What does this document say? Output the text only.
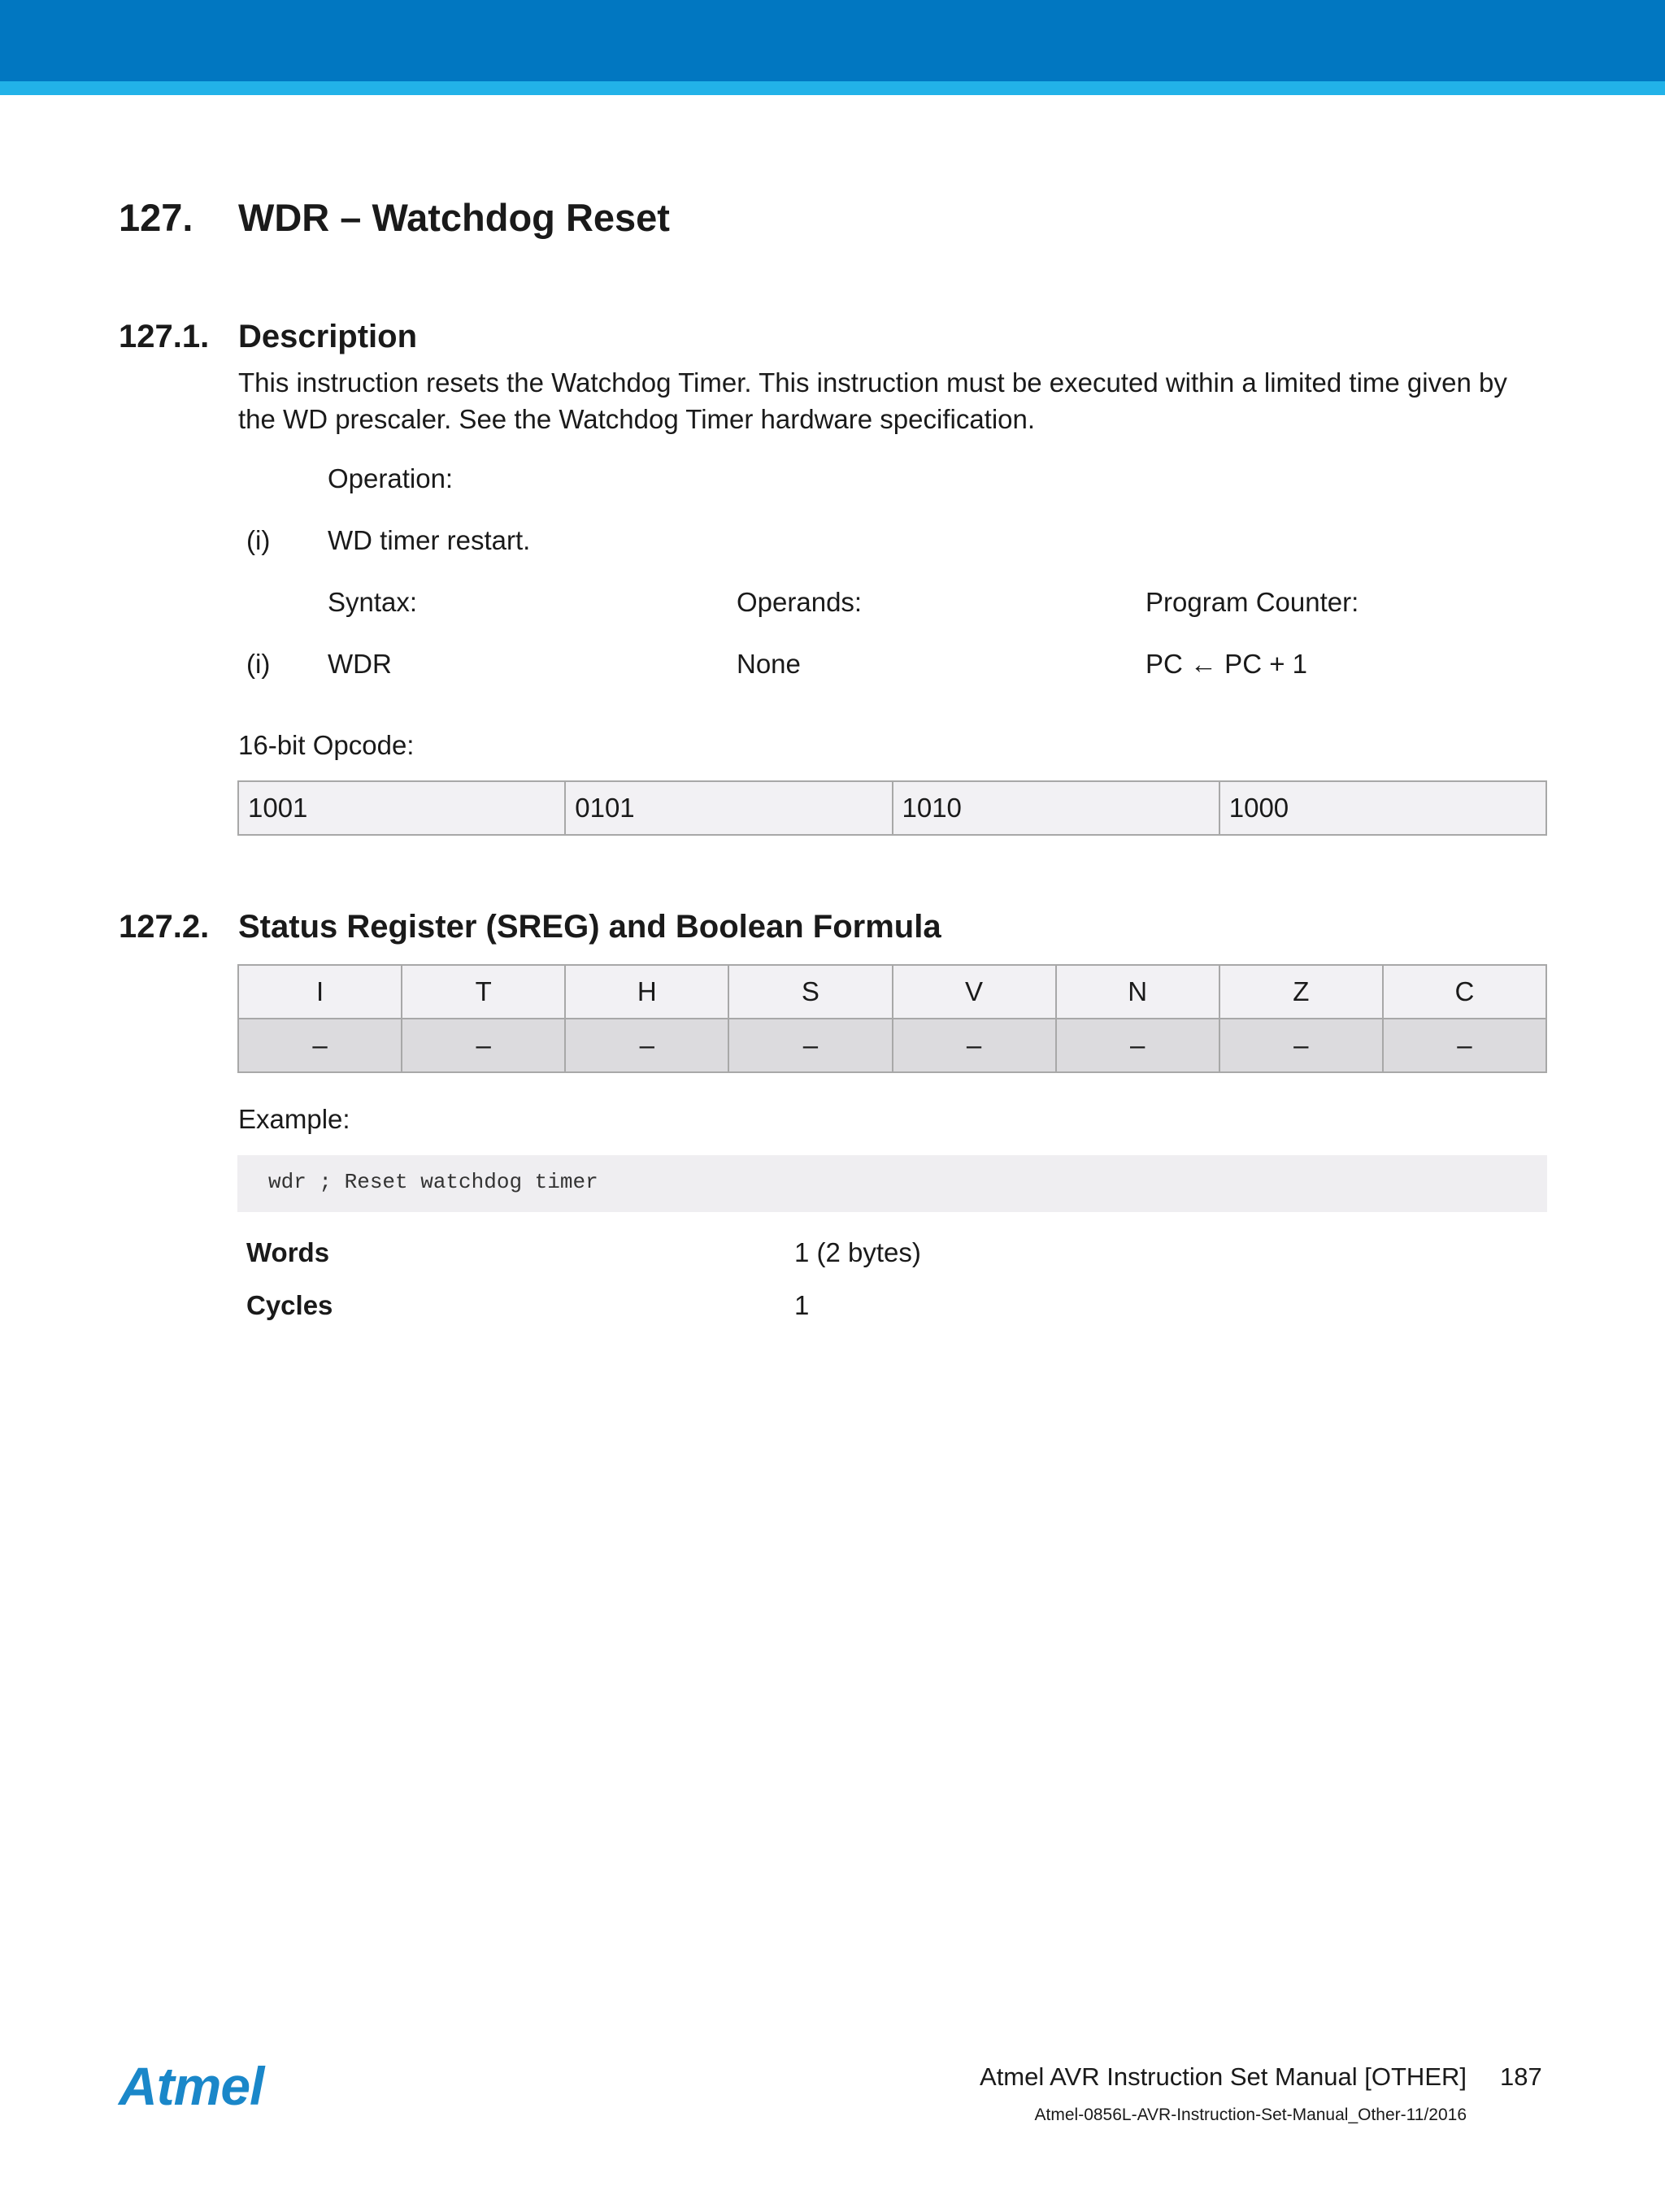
127. WDR – Watchdog Reset
127.1. Description
This instruction resets the Watchdog Timer. This instruction must be executed within a limited time given by the WD prescaler. See the Watchdog Timer hardware specification.
Operation:
(i) WD timer restart.
Syntax:	Operands:	Program Counter:
(i) WDR	None	PC ← PC + 1
16-bit Opcode:
1001	0101	1010	1000
127.2. Status Register (SREG) and Boolean Formula
I	T	H	S	V	N	Z	C
–	–	–	–	–	–	–	–
Example:
wdr ; Reset watchdog timer
Words	1 (2 bytes)
Cycles	1
Atmel	Atmel AVR Instruction Set Manual [OTHER] 187
Atmel-0856L-AVR-Instruction-Set-Manual_Other-11/2016
